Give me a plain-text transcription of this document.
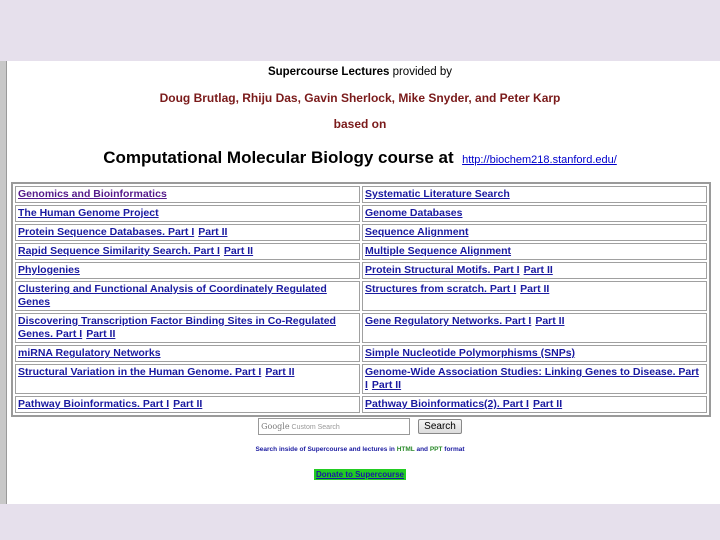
Supercourse Lectures provided by
Doug Brutlag, Rhiju Das, Gavin Sherlock, Mike Snyder, and Peter Karp
based on
Computational Molecular Biology course at http://biochem218.stanford.edu/
Genomics and Bioinformatics	Systematic Literature Search
The Human Genome Project	Genome Databases
Protein Sequence Databases. Part I Part II	Sequence Alignment
Rapid Sequence Similarity Search. Part I Part II	Multiple Sequence Alignment
Phylogenies	Protein Structural Motifs. Part I Part II
Clustering and Functional Analysis of Coordinately Regulated Genes	Structures from scratch. Part I Part II
Discovering Transcription Factor Binding Sites in Co-Regulated Genes. Part I Part II	Gene Regulatory Networks. Part I Part II
miRNA Regulatory Networks	Simple Nucleotide Polymorphisms (SNPs)
Structural Variation in the Human Genome. Part I Part II	Genome-Wide Association Studies: Linking Genes to Disease. Part I Part II
Pathway Bioinformatics. Part I Part II	Pathway Bioinformatics(2). Part I Part II
Google Custom Search	Search
Search inside of Supercourse and lectures in HTML and PPT format
Donate to Supercourse
